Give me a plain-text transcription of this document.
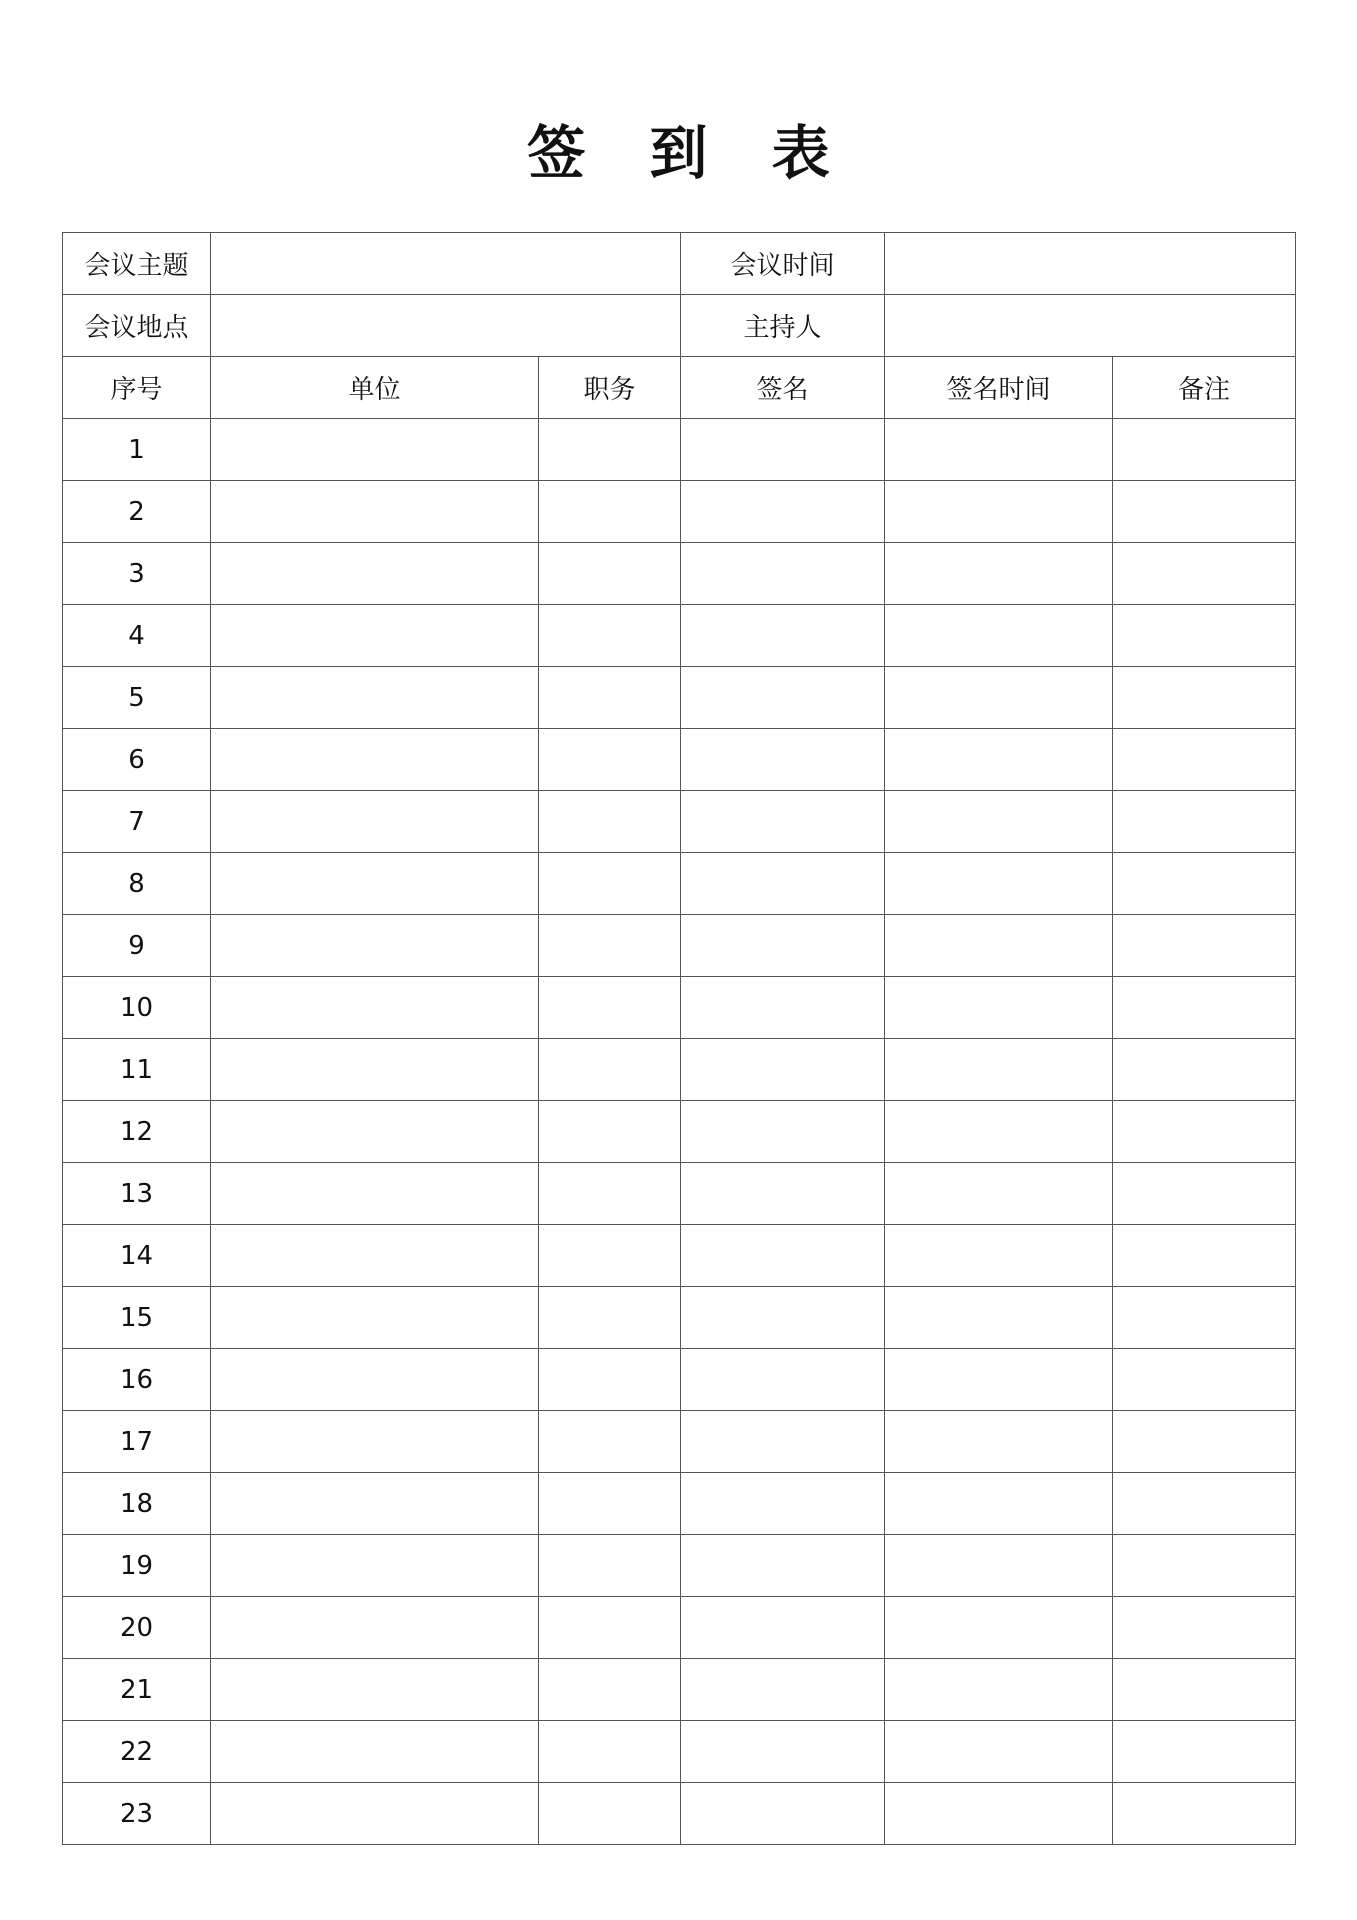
签 到 表
会议主题			会议时间		
会议地点			主持人		
序号	单位	职务	签名	签名时间	备注
1					
2					
3					
4					
5					
6					
7					
8					
9					
10					
11					
12					
13					
14					
15					
16					
17					
18					
19					
20					
21					
22					
23					
